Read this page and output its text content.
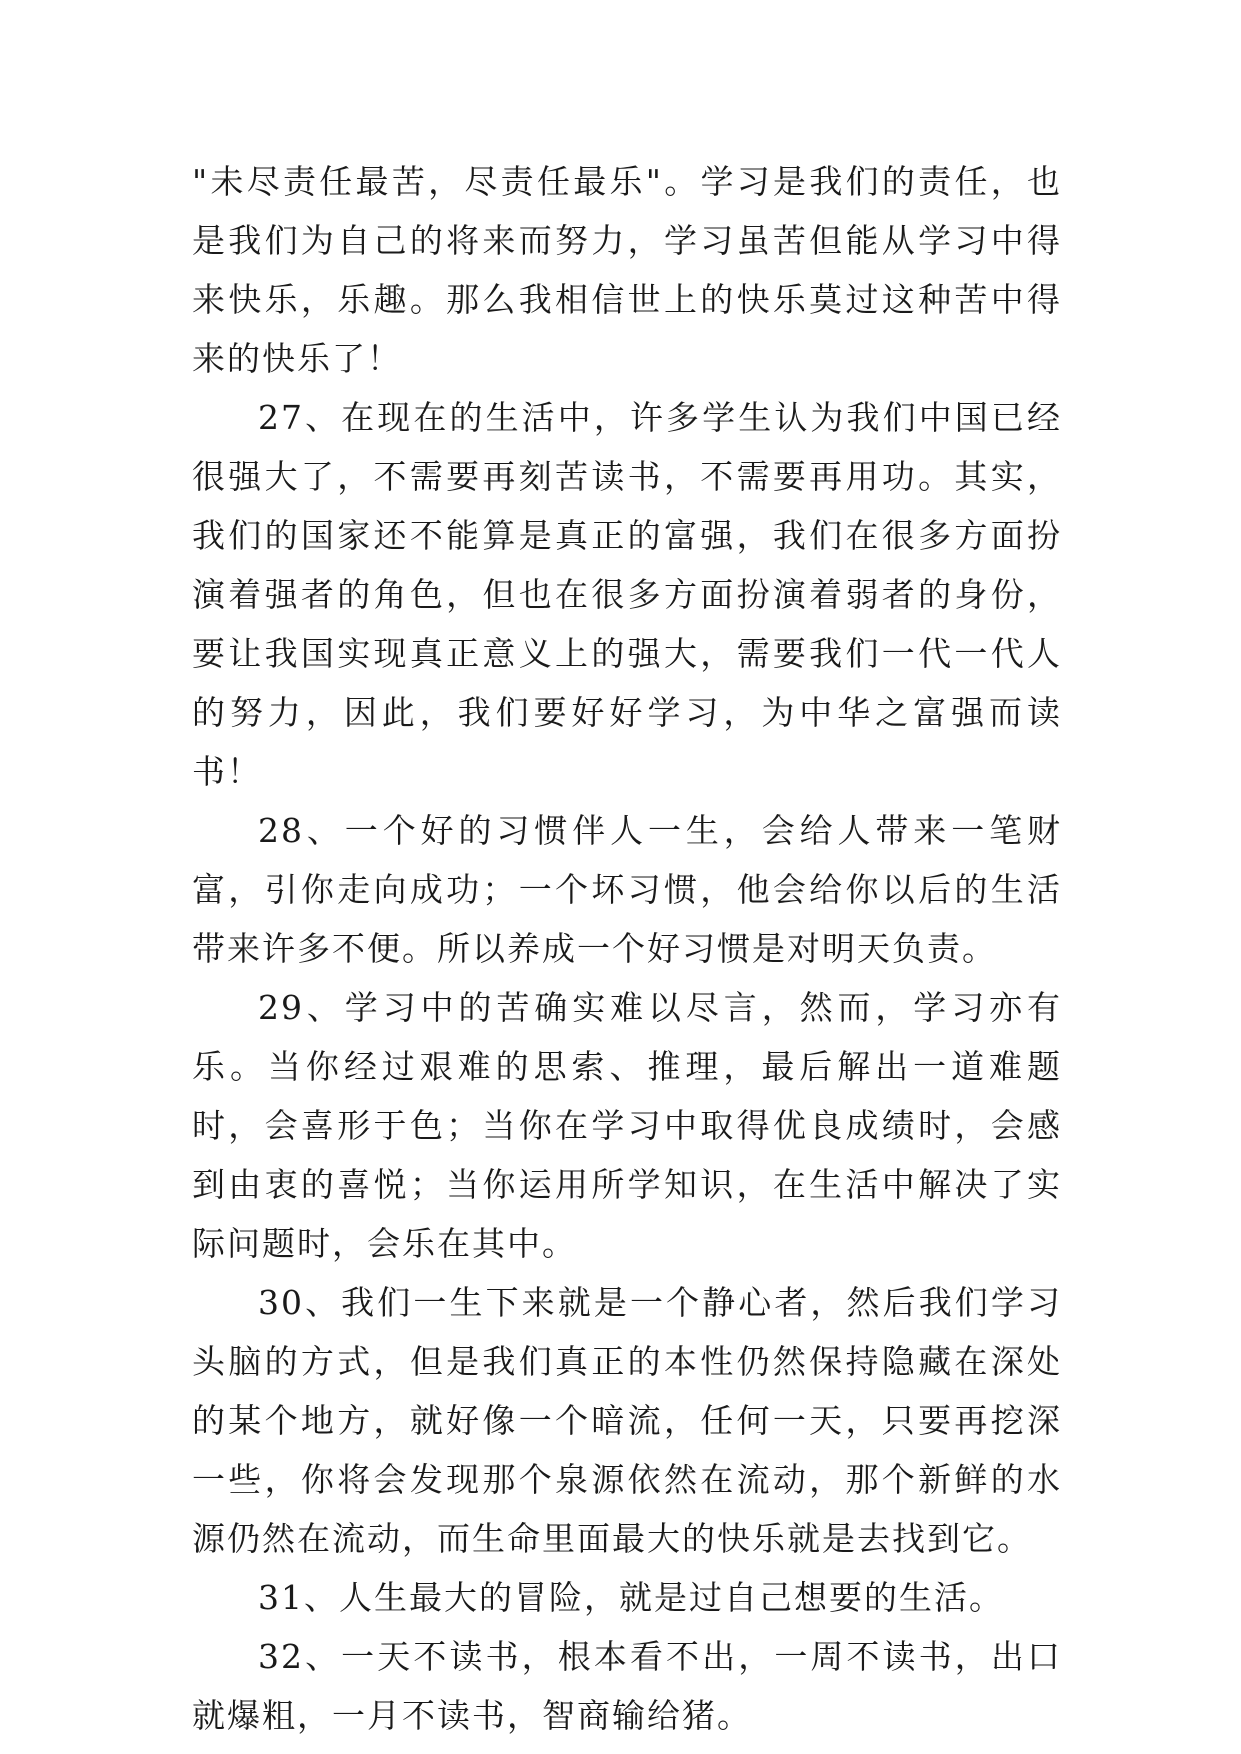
"未尽责任最苦，尽责任最乐"。学习是我们的责任，也是我们为自己的将来而努力，学习虽苦但能从学习中得来快乐，乐趣。那么我相信世上的快乐莫过这种苦中得来的快乐了！

27、在现在的生活中，许多学生认为我们中国已经很强大了，不需要再刻苦读书，不需要再用功。其实，我们的国家还不能算是真正的富强，我们在很多方面扮演着强者的角色，但也在很多方面扮演着弱者的身份，要让我国实现真正意义上的强大，需要我们一代一代人的努力，因此，我们要好好学习，为中华之富强而读书！

28、一个好的习惯伴人一生，会给人带来一笔财富，引你走向成功；一个坏习惯，他会给你以后的生活带来许多不便。所以养成一个好习惯是对明天负责。

29、学习中的苦确实难以尽言，然而，学习亦有乐。当你经过艰难的思索、推理，最后解出一道难题时，会喜形于色；当你在学习中取得优良成绩时，会感到由衷的喜悦；当你运用所学知识，在生活中解决了实际问题时，会乐在其中。

30、我们一生下来就是一个静心者，然后我们学习头脑的方式，但是我们真正的本性仍然保持隐藏在深处的某个地方，就好像一个暗流，任何一天，只要再挖深一些，你将会发现那个泉源依然在流动，那个新鲜的水源仍然在流动，而生命里面最大的快乐就是去找到它。

31、人生最大的冒险，就是过自己想要的生活。

32、一天不读书，根本看不出，一周不读书，出口就爆粗，一月不读书，智商输给猪。
